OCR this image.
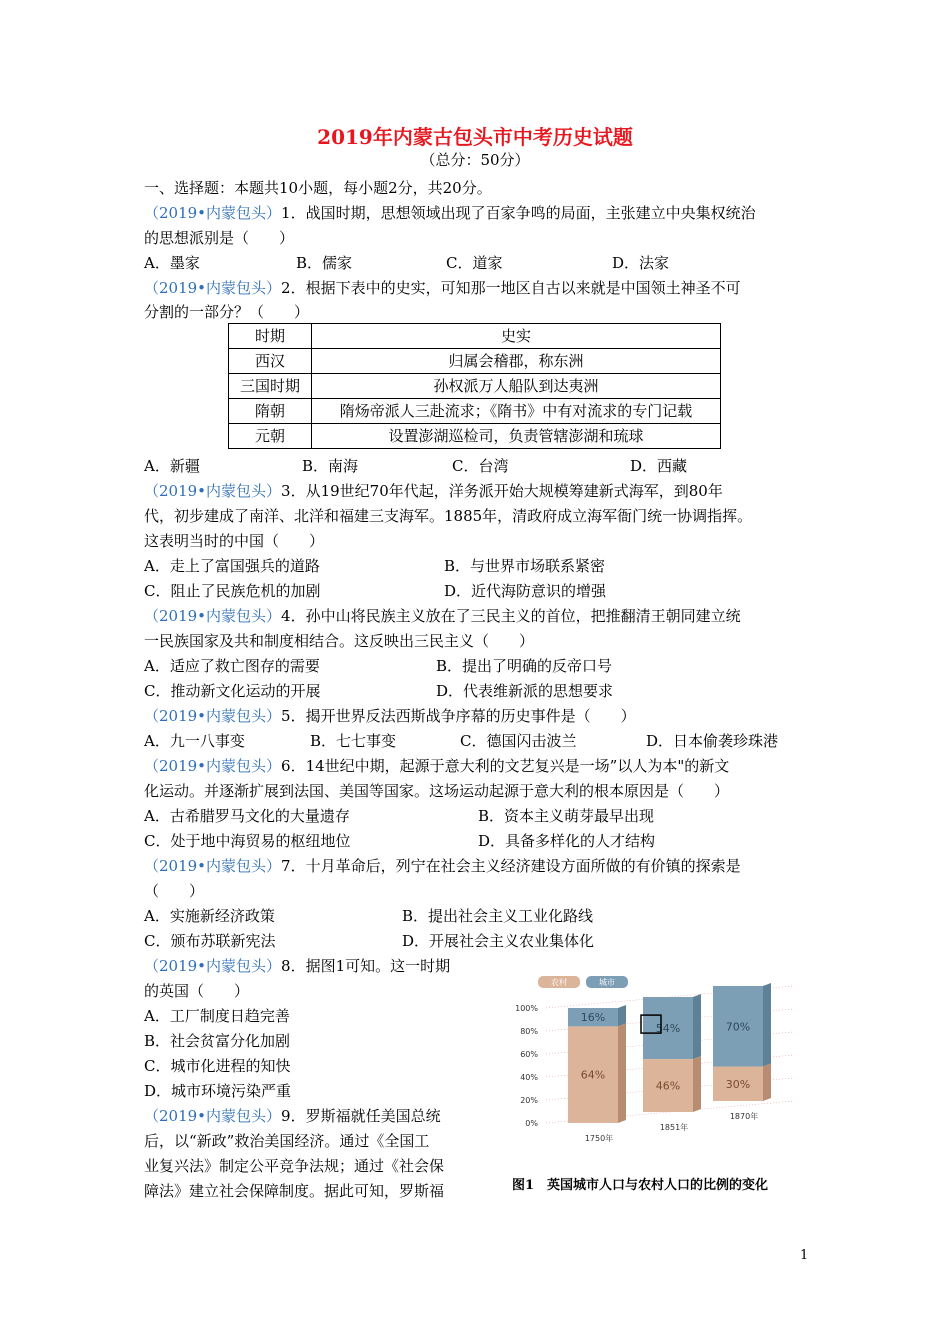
2019年内蒙古包头市中考历史试题
（总分：50分）
一、选择题：本题共10小题，每小题2分，共20分。
（2019•内蒙包头）1．战国时期，思想领域出现了百家争鸣的局面，主张建立中央集权统治
的思想派别是（　　）
A．墨家	B．儒家	C．道家	D．法家
（2019•内蒙包头）2．根据下表中的史实，可知那一地区自古以来就是中国领土神圣不可
分割的一部分？（　　）
时期	史实
西汉	归属会稽郡，称东洲
三国时期	孙权派万人船队到达夷洲
隋朝	隋炀帝派人三赴流求；《隋书》中有对流求的专门记载
元朝	设置澎湖巡检司，负责管辖澎湖和琉球
A．新疆	B．南海	C．台湾	D．西藏
（2019•内蒙包头）3．从19世纪70年代起，洋务派开始大规模筹建新式海军，到80年
代，初步建成了南洋、北洋和福建三支海军。1885年，清政府成立海军衙门统一协调指挥。
这表明当时的中国（　　）
A．走上了富国强兵的道路	B．与世界市场联系紧密
C．阻止了民族危机的加剧	D．近代海防意识的增强
（2019•内蒙包头）4．孙中山将民族主义放在了三民主义的首位，把推翻清王朝同建立统
一民族国家及共和制度相结合。这反映出三民主义（　　）
A．适应了救亡图存的需要	B．提出了明确的反帝口号
C．推动新文化运动的开展	D．代表维新派的思想要求
（2019•内蒙包头）5．揭开世界反法西斯战争序幕的历史事件是（　　）
A．九一八事变	B．七七事变	C．德国闪击波兰	D．日本偷袭珍珠港
（2019•内蒙包头）6．14世纪中期，起源于意大利的文艺复兴是一场”以人为本"的新文
化运动。并逐渐扩展到法国、美国等国家。这场运动起源于意大利的根本原因是（　　）
A．古希腊罗马文化的大量遗存	B．资本主义萌芽最早出现
C．处于地中海贸易的枢纽地位	D．具备多样化的人才结构
（2019•内蒙包头）7．十月革命后，列宁在社会主义经济建设方面所做的有价镇的探索是
（　　）
A．实施新经济政策	B．提出社会主义工业化路线
C．颁布苏联新宪法	D．开展社会主义农业集体化
（2019•内蒙包头）8．据图1可知。这一时期
的英国（　　）
A．工厂制度日趋完善
B．社会贫富分化加剧
C．城市化进程的知快
D．城市环境污染严重
（2019•内蒙包头）9．罗斯福就任美国总统
后，以“新政”救治美国经济。通过《全国工
业复兴法》制定公平竞争法规；通过《社会保
障法》建立社会保障制度。据此可知，罗斯福
0%
20%
40%
60%
80%
100%
农村	城市
16%
64%
1750年
54%
46%
1851年
70%
30%
1870年
图1　英国城市人口与农村人口的比例的变化
1
